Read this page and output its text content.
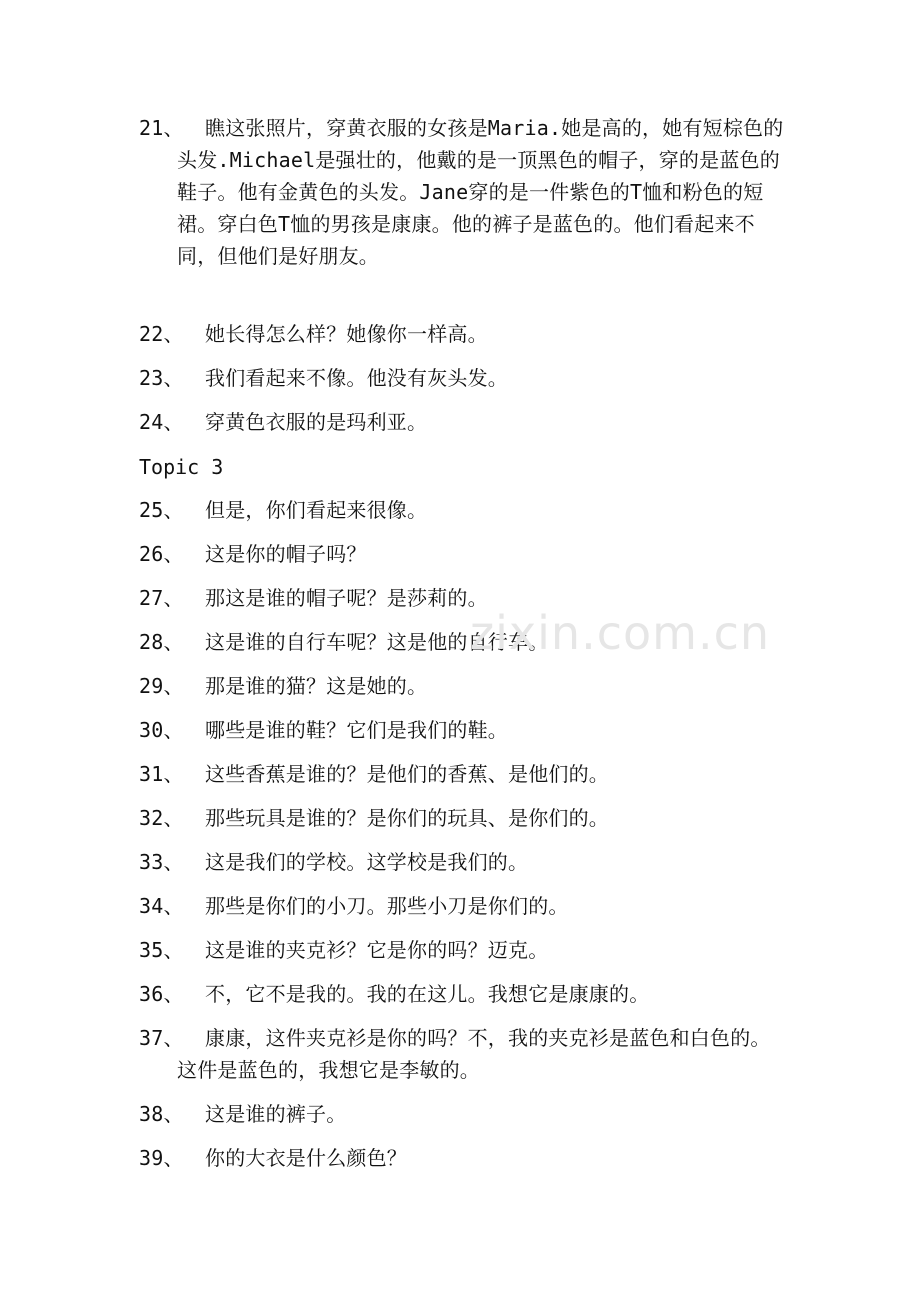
21、	瞧这张照片，穿黄衣服的女孩是Maria.她是高的，她有短棕色的头发.Michael是强壮的，他戴的是一顶黑色的帽子，穿的是蓝色的鞋子。他有金黄色的头发。Jane穿的是一件紫色的T恤和粉色的短裙。穿白色T恤的男孩是康康。他的裤子是蓝色的。他们看起来不同，但他们是好朋友。
22、	她长得怎么样？她像你一样高。
23、	我们看起来不像。他没有灰头发。
24、	穿黄色衣服的是玛利亚。
Topic 3
25、	但是，你们看起来很像。
26、	这是你的帽子吗？
27、	那这是谁的帽子呢？是莎莉的。
28、	这是谁的自行车呢？这是他的自行车。
29、	那是谁的猫？这是她的。
30、	哪些是谁的鞋？它们是我们的鞋。
31、	这些香蕉是谁的？是他们的香蕉、是他们的。
32、	那些玩具是谁的？是你们的玩具、是你们的。
33、	这是我们的学校。这学校是我们的。
34、	那些是你们的小刀。那些小刀是你们的。
35、	这是谁的夹克衫？它是你的吗？迈克。
36、	不，它不是我的。我的在这儿。我想它是康康的。
37、	康康，这件夹克衫是你的吗？不，我的夹克衫是蓝色和白色的。这件是蓝色的，我想它是李敏的。
38、	这是谁的裤子。
39、	你的大衣是什么颜色？
zixin.com.cn
